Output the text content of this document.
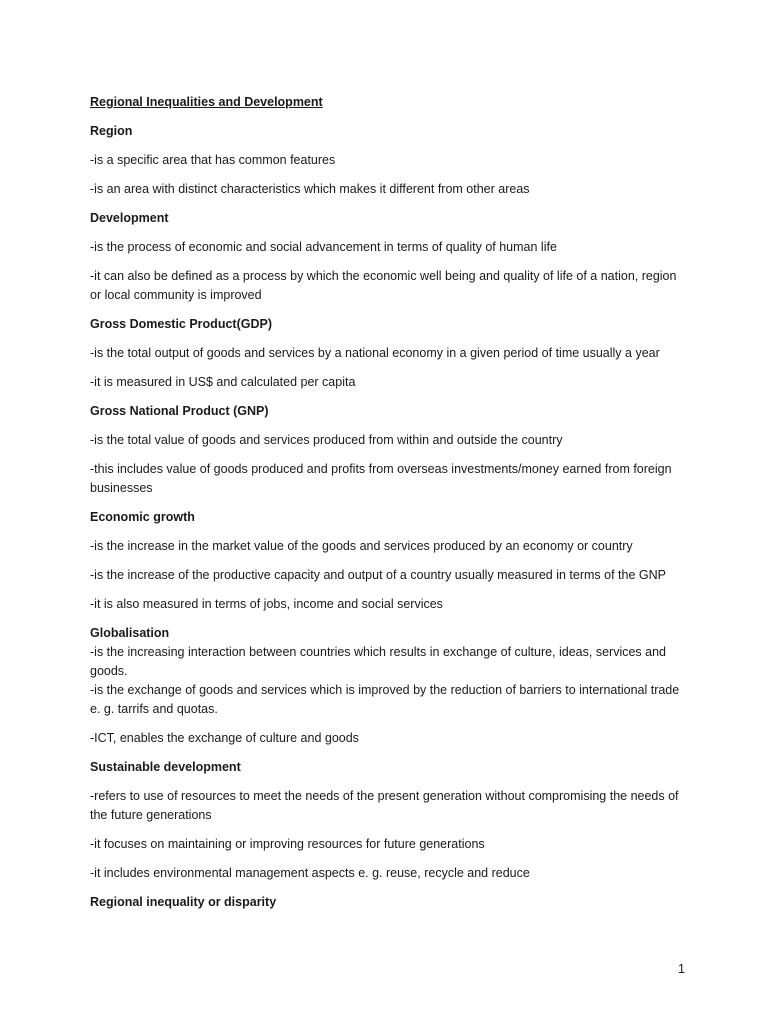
Regional Inequalities and Development

Region

-is a specific area that has common features

-is an area with distinct characteristics which makes it different from other areas

Development

-is the process of economic and social advancement in terms of quality of human life

-it can also be defined as a process by which the economic well being and quality of life of a nation, region or local community is improved

Gross Domestic Product(GDP)

-is the total output of goods and services by a national economy in a given period of time usually a year

-it is measured in US$ and calculated per capita

Gross National Product (GNP)

-is the total value of goods and services produced from within and outside the country

-this includes value of goods produced and profits from overseas investments/money earned from foreign businesses

Economic growth

-is the increase in the market value of the goods and services produced by an economy or country

-is the increase of the productive capacity and output of a country usually measured in terms of the GNP

-it is also measured in terms of jobs, income and social services

Globalisation

-is the increasing interaction between countries which results in exchange of culture, ideas, services and goods.

-is the exchange of goods and services which is improved by the reduction of barriers to international trade e. g. tarrifs and quotas.

-ICT, enables the exchange of culture and goods

Sustainable development

-refers to use of resources to meet the needs of the present generation without compromising the needs of the future generations

-it focuses on maintaining or improving resources for future generations

-it includes environmental management aspects e. g. reuse, recycle and reduce

Regional inequality or disparity

1
